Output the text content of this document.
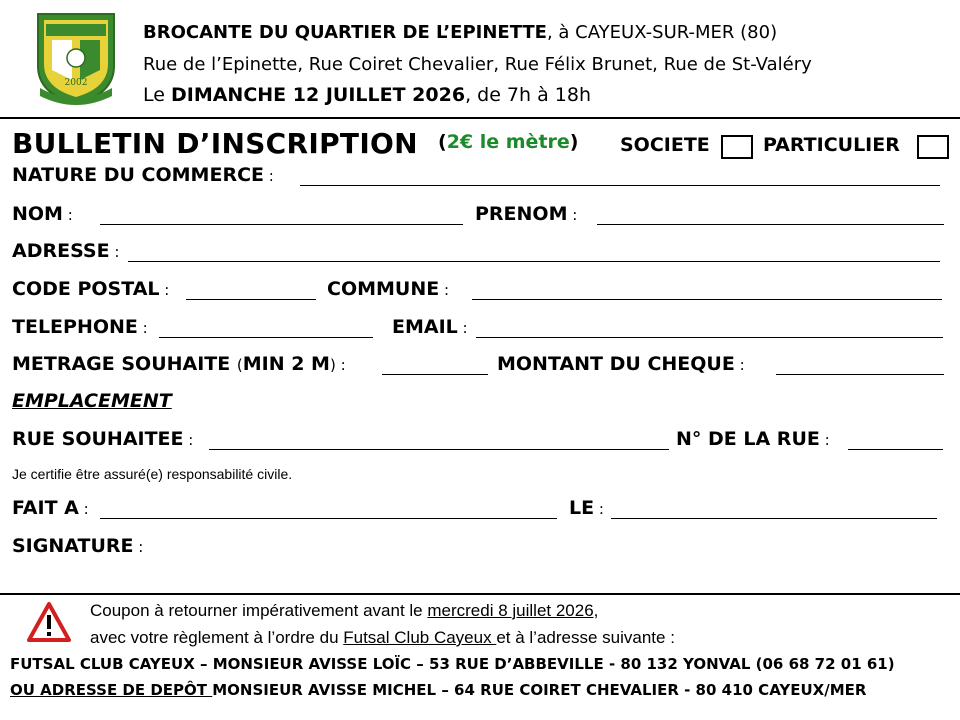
2002
BROCANTE DU QUARTIER DE L’EPINETTE, à CAYEUX-SUR-MER (80)
Rue de l’Epinette, Rue Coiret Chevalier, Rue Félix Brunet, Rue de St-Valéry
Le DIMANCHE 12 JUILLET 2026, de 7h à 18h
BULLETIN D’INSCRIPTION (2€ le mètre) SOCIETE	PARTICULIER
NATURE DU COMMERCE :
NOM :	PRENOM :
ADRESSE :
CODE POSTAL :	COMMUNE :
TELEPHONE :	EMAIL :
METRAGE SOUHAITE (MIN 2 M) :	MONTANT DU CHEQUE :
EMPLACEMENT
RUE SOUHAITEE :	N° DE LA RUE :
Je certifie être assuré(e) responsabilité civile.
FAIT A :	LE :
SIGNATURE :
Coupon à retourner impérativement avant le mercredi 8 juillet 2026,
avec votre règlement à l’ordre du Futsal Club Cayeux et à l’adresse suivante :
FUTSAL CLUB CAYEUX – MONSIEUR AVISSE LOÏC – 53 RUE D’ABBEVILLE - 80 132 YONVAL (06 68 72 01 61)
OU ADRESSE DE DEPÔT MONSIEUR AVISSE MICHEL – 64 RUE COIRET CHEVALIER - 80 410 CAYEUX/MER
